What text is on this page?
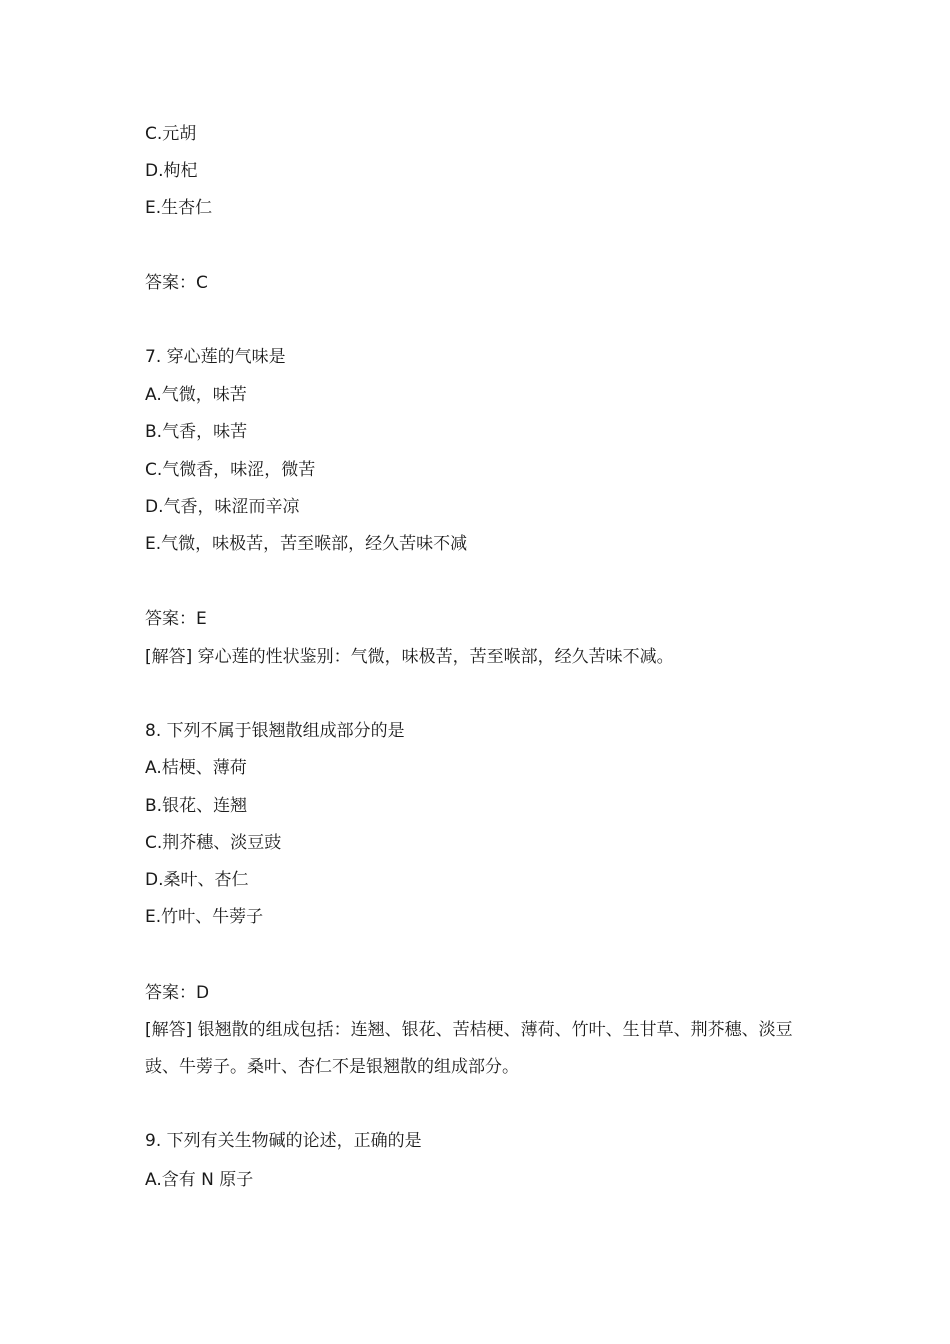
C.元胡
D.枸杞
E.生杏仁
答案：C
7. 穿心莲的气味是
A.气微，味苦
B.气香，味苦
C.气微香，味涩，微苦
D.气香，味涩而辛凉
E.气微，味极苦，苦至喉部，经久苦味不减
答案：E
[解答] 穿心莲的性状鉴别：气微，味极苦，苦至喉部，经久苦味不减。
8. 下列不属于银翘散组成部分的是
A.桔梗、薄荷
B.银花、连翘
C.荆芥穗、淡豆豉
D.桑叶、杏仁
E.竹叶、牛蒡子
答案：D
[解答] 银翘散的组成包括：连翘、银花、苦桔梗、薄荷、竹叶、生甘草、荆芥穗、淡豆豉、牛蒡子。桑叶、杏仁不是银翘散的组成部分。
9. 下列有关生物碱的论述，正确的是
A.含有 N 原子
